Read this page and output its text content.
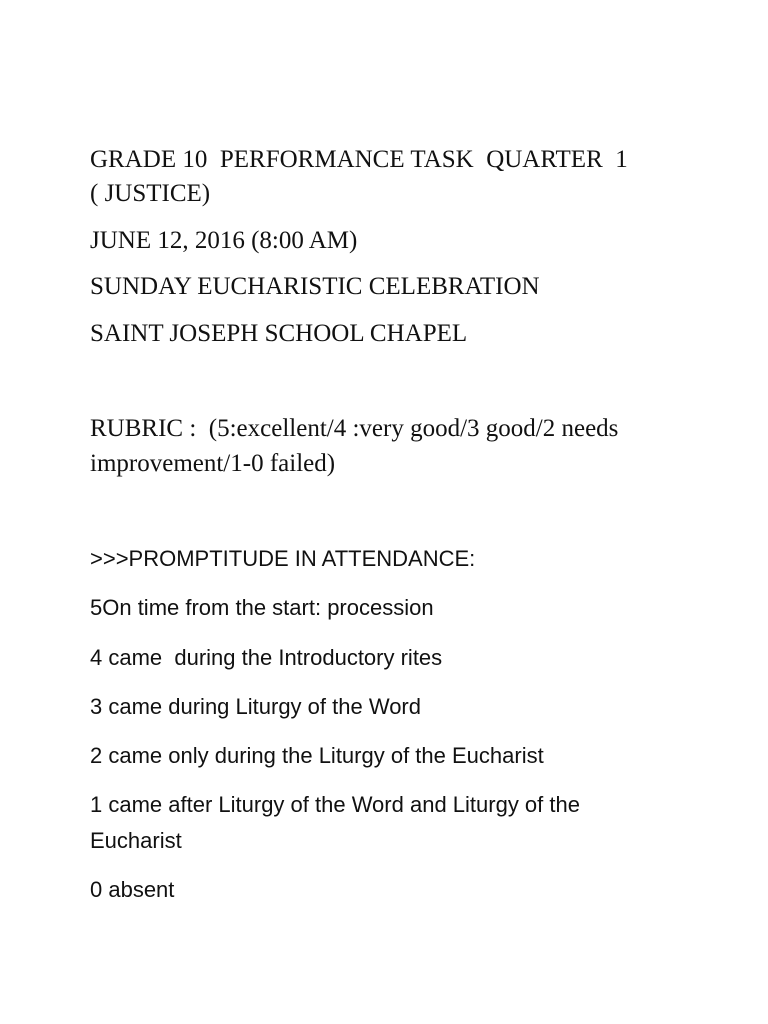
GRADE 10  PERFORMANCE TASK  QUARTER  1

( JUSTICE)

JUNE 12, 2016 (8:00 AM)

SUNDAY EUCHARISTIC CELEBRATION

SAINT JOSEPH SCHOOL CHAPEL

RUBRIC :  (5:excellent/4 :very good/3 good/2 needs

improvement/1-0 failed)

>>>PROMPTITUDE IN ATTENDANCE:

5On time from the start: procession

4 came  during the Introductory rites

3 came during Liturgy of the Word

2 came only during the Liturgy of the Eucharist

1 came after Liturgy of the Word and Liturgy of the

Eucharist

0 absent
